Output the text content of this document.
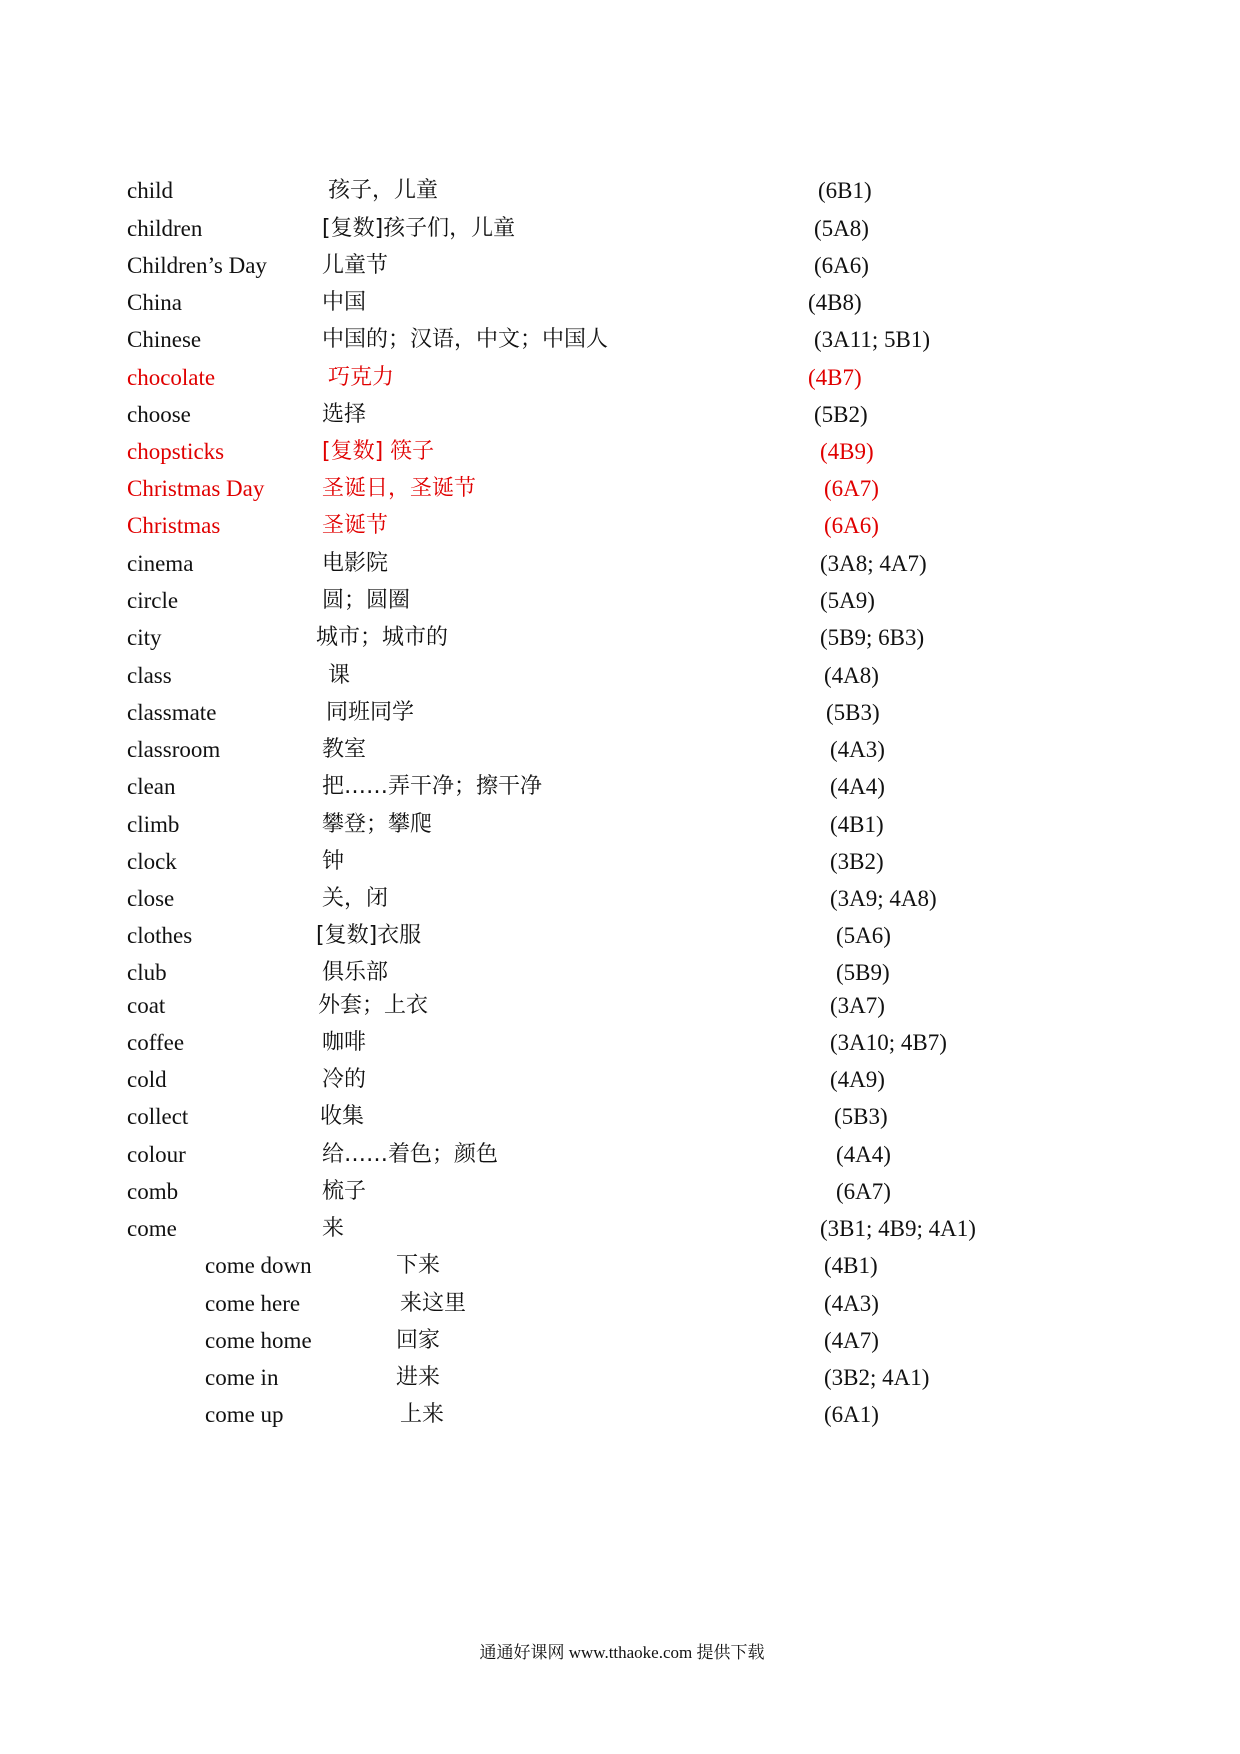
child	孩子，儿童	(6B1)
children	[复数]孩子们，儿童	(5A8)
Children’s Day	儿童节	(6A6)
China	中国	(4B8)
Chinese	中国的；汉语，中文；中国人	(3A11; 5B1)
chocolate	巧克力	(4B7)
choose	选择	(5B2)
chopsticks	[复数] 筷子	(4B9)
Christmas Day	圣诞日，圣诞节	(6A7)
Christmas	圣诞节	(6A6)
cinema	电影院	(3A8; 4A7)
circle	圆；圆圈	(5A9)
city	城市；城市的	(5B9; 6B3)
class	课	(4A8)
classmate	同班同学	(5B3)
classroom	教室	(4A3)
clean	把……弄干净；擦干净	(4A4)
climb	攀登；攀爬	(4B1)
clock	钟	(3B2)
close	关，闭	(3A9; 4A8)
clothes	[复数]衣服	(5A6)
club	俱乐部	(5B9)
coat	外套；上衣	(3A7)
coffee	咖啡	(3A10; 4B7)
cold	冷的	(4A9)
collect	收集	(5B3)
colour	给……着色；颜色	(4A4)
comb	梳子	(6A7)
come	来	(3B1; 4B9; 4A1)
come down	下来	(4B1)
come here	来这里	(4A3)
come home	回家	(4A7)
come in	进来	(3B2; 4A1)
come up	上来	(6A1)
通通好课网 www.tthaoke.com 提供下载
